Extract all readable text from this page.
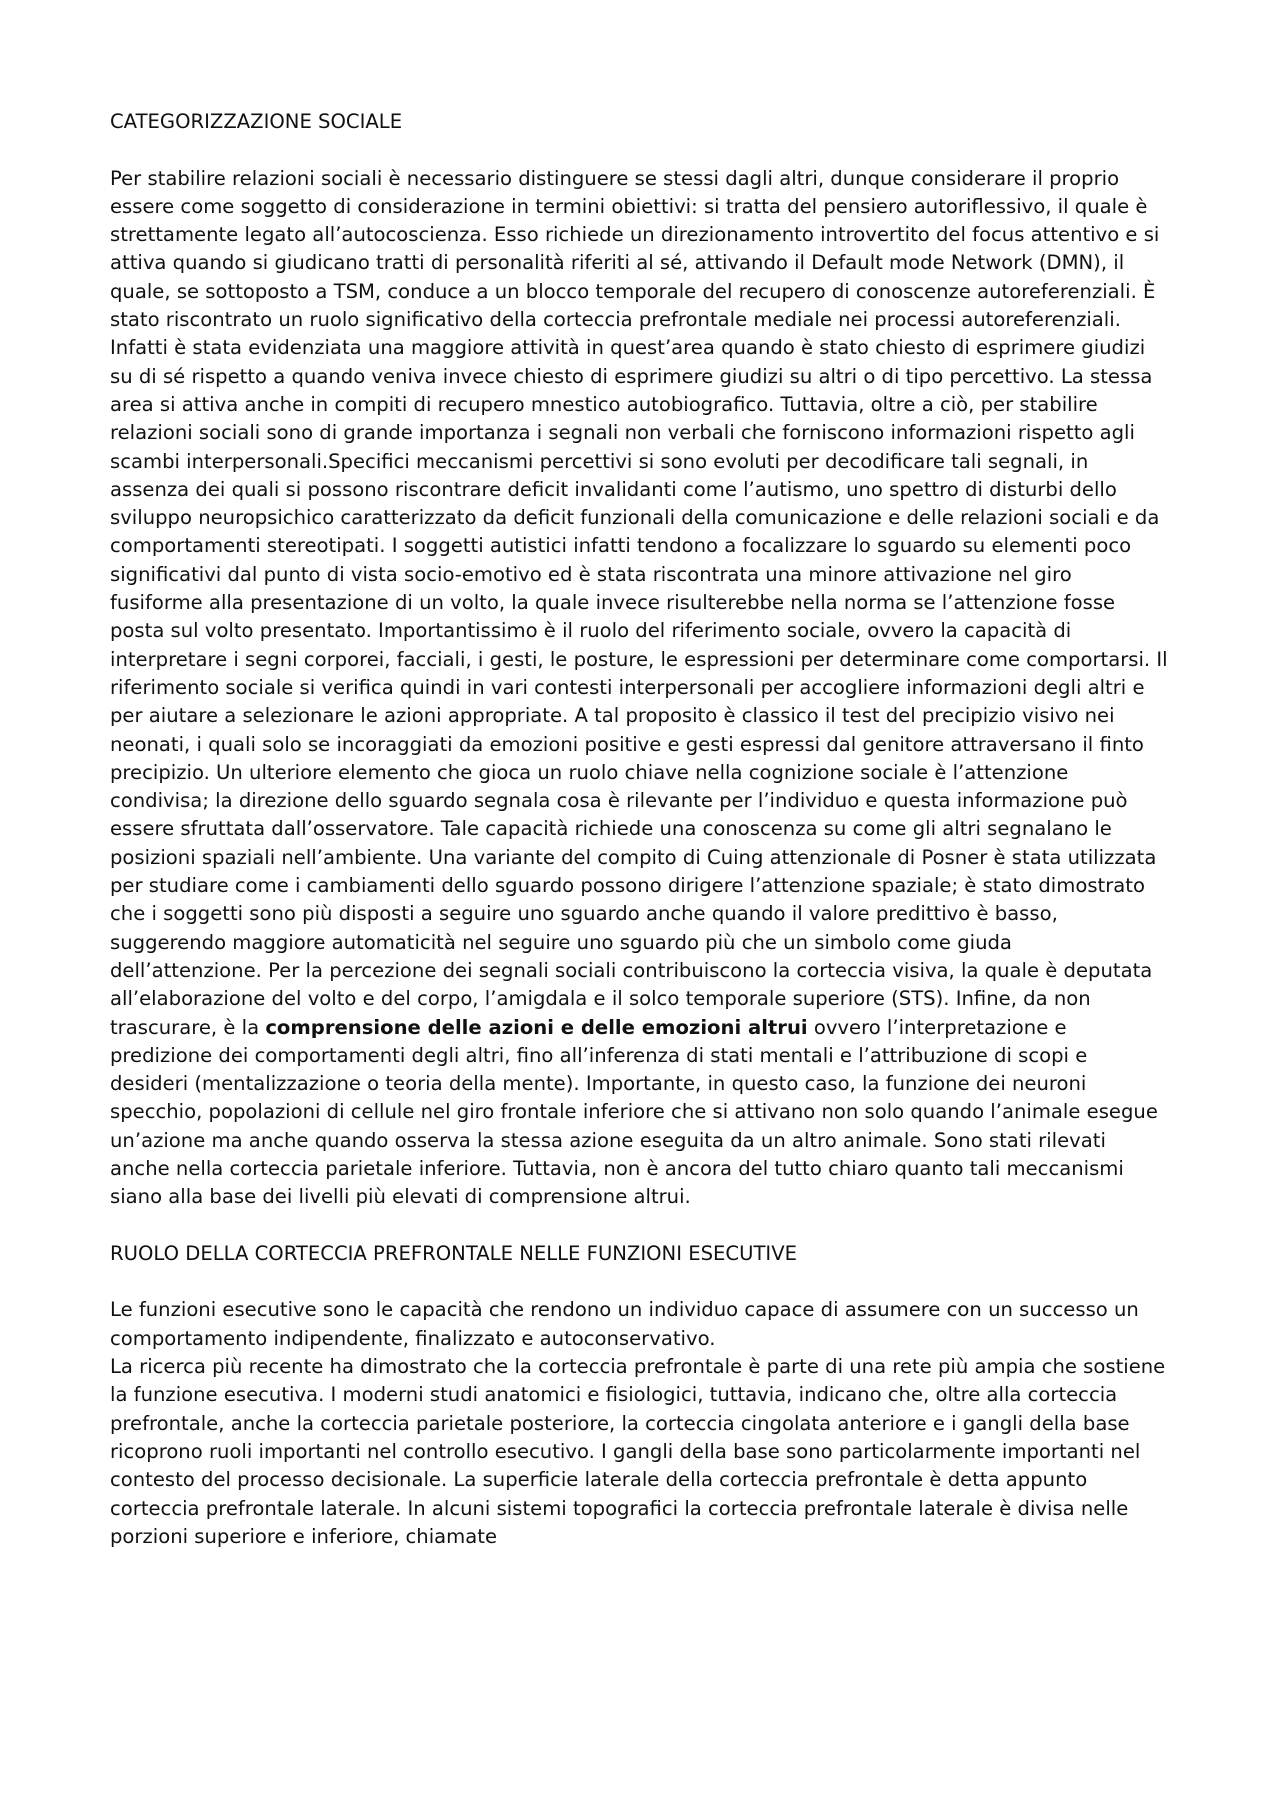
CATEGORIZZAZIONE SOCIALE

Per stabilire relazioni sociali è necessario distinguere se stessi dagli altri, dunque considerare il proprio essere come soggetto di considerazione in termini obiettivi: si tratta del pensiero autoriflessivo, il quale è strettamente legato all’autocoscienza. Esso richiede un direzionamento introvertito del focus attentivo e si attiva quando si giudicano tratti di personalità riferiti al sé, attivando il Default mode Network (DMN), il quale, se sottoposto a TSM, conduce a un blocco temporale del recupero di conoscenze autoreferenziali. È stato riscontrato un ruolo significativo della corteccia prefrontale mediale nei processi autoreferenziali. Infatti è stata evidenziata una maggiore attività in quest’area quando è stato chiesto di esprimere giudizi su di sé rispetto a quando veniva invece chiesto di esprimere giudizi su altri o di tipo percettivo. La stessa area si attiva anche in compiti di recupero mnestico autobiografico. Tuttavia, oltre a ciò, per stabilire relazioni sociali sono di grande importanza i segnali non verbali che forniscono informazioni rispetto agli scambi interpersonali.Specifici meccanismi percettivi si sono evoluti per decodificare tali segnali, in assenza dei quali si possono riscontrare deficit invalidanti come l’autismo, uno spettro di disturbi dello sviluppo neuropsichico caratterizzato da deficit funzionali della comunicazione e delle relazioni sociali e da comportamenti stereotipati. I soggetti autistici infatti tendono a focalizzare lo sguardo su elementi poco significativi dal punto di vista socio-emotivo ed è stata riscontrata una minore attivazione nel giro fusiforme alla presentazione di un volto, la quale invece risulterebbe nella norma se l’attenzione fosse posta sul volto presentato. Importantissimo è il ruolo del riferimento sociale, ovvero la capacità di interpretare i segni corporei, facciali, i gesti, le posture, le espressioni per determinare come comportarsi. Il riferimento sociale si verifica quindi in vari contesti interpersonali per accogliere informazioni degli altri e per aiutare a selezionare le azioni appropriate. A tal proposito è classico il test del precipizio visivo nei neonati, i quali solo se incoraggiati da emozioni positive e gesti espressi dal genitore attraversano il finto precipizio. Un ulteriore elemento che gioca un ruolo chiave nella cognizione sociale è l’attenzione condivisa; la direzione dello sguardo segnala cosa è rilevante per l’individuo e questa informazione può essere sfruttata dall’osservatore. Tale capacità richiede una conoscenza su come gli altri segnalano le posizioni spaziali nell’ambiente. Una variante del compito di Cuing attenzionale di Posner è stata utilizzata per studiare come i cambiamenti dello sguardo possono dirigere l’attenzione spaziale; è stato dimostrato che i soggetti sono più disposti a seguire uno sguardo anche quando il valore predittivo è basso, suggerendo maggiore automaticità nel seguire uno sguardo più che un simbolo come giuda dell’attenzione. Per la percezione dei segnali sociali contribuiscono la corteccia visiva, la quale è deputata all’elaborazione del volto e del corpo, l’amigdala e il solco temporale superiore (STS). Infine, da non trascurare, è la comprensione delle azioni e delle emozioni altrui ovvero l’interpretazione e predizione dei comportamenti degli altri, fino all’inferenza di stati mentali e l’attribuzione di scopi e desideri (mentalizzazione o teoria della mente). Importante, in questo caso, la funzione dei neuroni specchio, popolazioni di cellule nel giro frontale inferiore che si attivano non solo quando l’animale esegue un’azione ma anche quando osserva la stessa azione eseguita da un altro animale. Sono stati rilevati anche nella corteccia parietale inferiore. Tuttavia, non è ancora del tutto chiaro quanto tali meccanismi siano alla base dei livelli più elevati di comprensione altrui.

RUOLO DELLA CORTECCIA PREFRONTALE NELLE FUNZIONI ESECUTIVE

Le funzioni esecutive sono le capacità che rendono un individuo capace di assumere con un successo un comportamento indipendente, finalizzato e autoconservativo.

La ricerca più recente ha dimostrato che la corteccia prefrontale è parte di una rete più ampia che sostiene la funzione esecutiva. I moderni studi anatomici e fisiologici, tuttavia, indicano che, oltre alla corteccia prefrontale, anche la corteccia parietale posteriore, la corteccia cingolata anteriore e i gangli della base ricoprono ruoli importanti nel controllo esecutivo. I gangli della base sono particolarmente importanti nel contesto del processo decisionale. La superficie laterale della corteccia prefrontale è detta appunto corteccia prefrontale laterale. In alcuni sistemi topografici la corteccia prefrontale laterale è divisa nelle porzioni superiore e inferiore, chiamate
